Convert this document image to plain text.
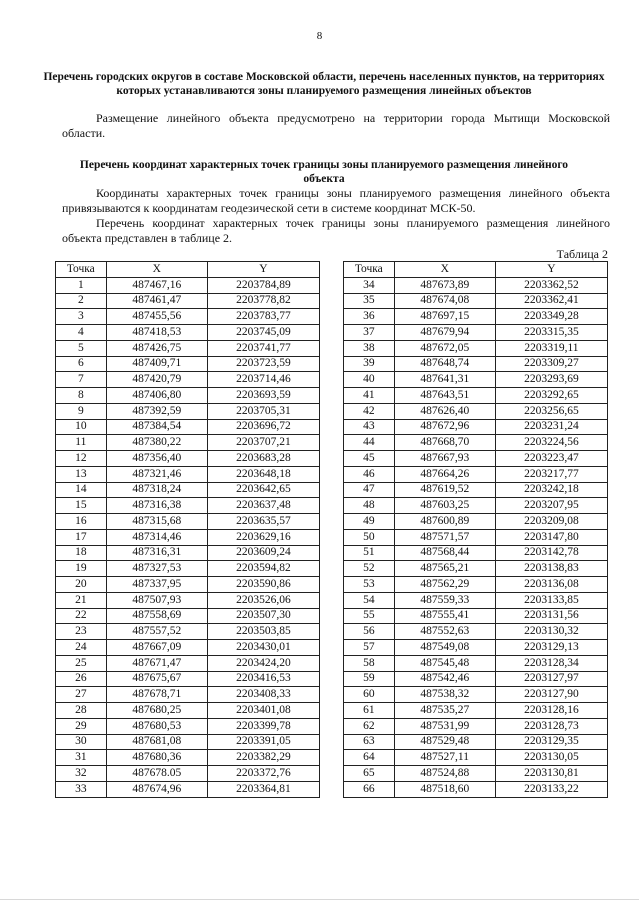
8
Перечень городских округов в составе Московской области, перечень населенных пунктов, на территориях которых устанавливаются зоны планируемого размещения линейных объектов
Размещение линейного объекта предусмотрено на территории города Мытищи Московской области.
Перечень координат характерных точек границы зоны планируемого размещения линейного объекта
Координаты характерных точек границы зоны планируемого размещения линейного объекта привязываются к координатам геодезической сети в системе координат МСК-50.
Перечень координат характерных точек границы зоны планируемого размещения линейного объекта представлен в таблице 2.
Таблица 2
Точка	X	Y
1	487467,16	2203784,89
2	487461,47	2203778,82
3	487455,56	2203783,77
4	487418,53	2203745,09
5	487426,75	2203741,77
6	487409,71	2203723,59
7	487420,79	2203714,46
8	487406,80	2203693,59
9	487392,59	2203705,31
10	487384,54	2203696,72
11	487380,22	2203707,21
12	487356,40	2203683,28
13	487321,46	2203648,18
14	487318,24	2203642,65
15	487316,38	2203637,48
16	487315,68	2203635,57
17	487314,46	2203629,16
18	487316,31	2203609,24
19	487327,53	2203594,82
20	487337,95	2203590,86
21	487507,93	2203526,06
22	487558,69	2203507,30
23	487557,52	2203503,85
24	487667,09	2203430,01
25	487671,47	2203424,20
26	487675,67	2203416,53
27	487678,71	2203408,33
28	487680,25	2203401,08
29	487680,53	2203399,78
30	487681,08	2203391,05
31	487680,36	2203382,29
32	487678.05	2203372,76
33	487674,96	2203364,81
Точка	X	Y
34	487673,89	2203362,52
35	487674,08	2203362,41
36	487697,15	2203349,28
37	487679,94	2203315,35
38	487672,05	2203319,11
39	487648,74	2203309,27
40	487641,31	2203293,69
41	487643,51	2203292,65
42	487626,40	2203256,65
43	487672,96	2203231,24
44	487668,70	2203224,56
45	487667,93	2203223,47
46	487664,26	2203217,77
47	487619,52	2203242,18
48	487603,25	2203207,95
49	487600,89	2203209,08
50	487571,57	2203147,80
51	487568,44	2203142,78
52	487565,21	2203138,83
53	487562,29	2203136,08
54	487559,33	2203133,85
55	487555,41	2203131,56
56	487552,63	2203130,32
57	487549,08	2203129,13
58	487545,48	2203128,34
59	487542,46	2203127,97
60	487538,32	2203127,90
61	487535,27	2203128,16
62	487531,99	2203128,73
63	487529,48	2203129,35
64	487527,11	2203130,05
65	487524,88	2203130,81
66	487518,60	2203133,22
